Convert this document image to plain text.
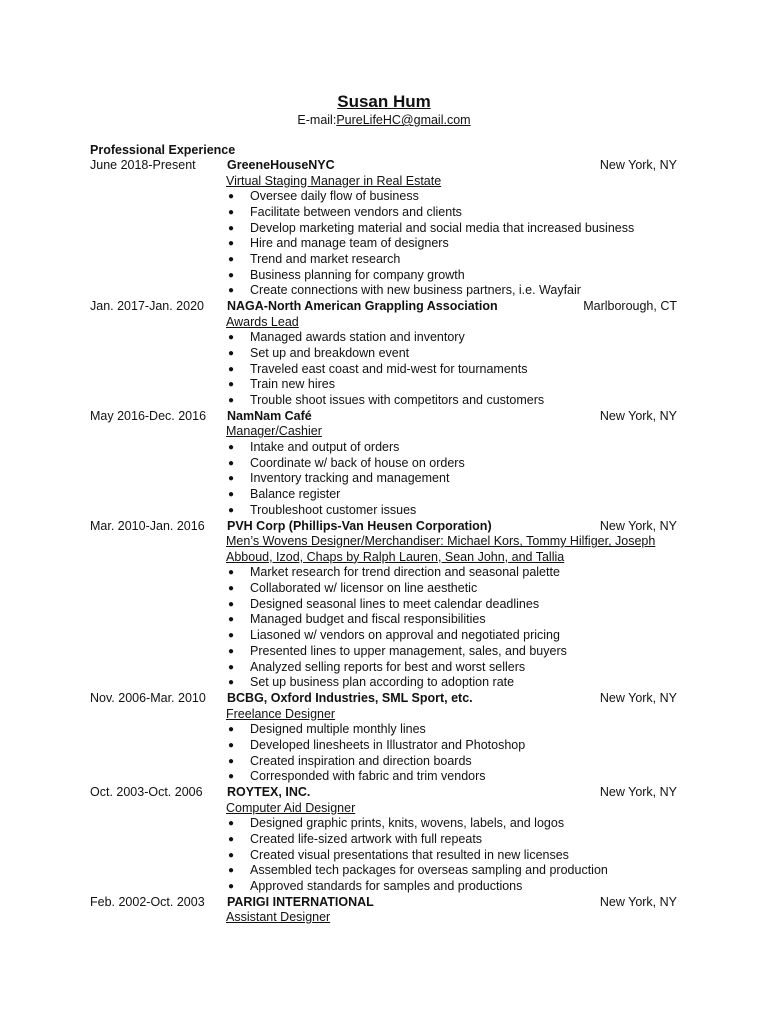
Susan Hum
E-mail:PureLifeHC@gmail.com
Professional Experience
June 2018-Present	GreeneHouseNYC	New York, NY
Virtual Staging Manager in Real Estate
● Oversee daily flow of business
● Facilitate between vendors and clients
● Develop marketing material and social media that increased business
● Hire and manage team of designers
● Trend and market research
● Business planning for company growth
● Create connections with new business partners, i.e. Wayfair
Jan. 2017-Jan. 2020 NAGA-North American Grappling Association	Marlborough, CT
Awards Lead
● Managed awards station and inventory
● Set up and breakdown event
● Traveled east coast and mid-west for tournaments
● Train new hires
● Trouble shoot issues with competitors and customers
May 2016-Dec. 2016 NamNam Café	New York, NY
Manager/Cashier
● Intake and output of orders
● Coordinate w/ back of house on orders
● Inventory tracking and management
● Balance register
● Troubleshoot customer issues
Mar. 2010-Jan. 2016 PVH Corp (Phillips-Van Heusen Corporation)	New York, NY
Men’s Wovens Designer/Merchandiser: Michael Kors, Tommy Hilfiger, Joseph Abboud, Izod, Chaps by Ralph Lauren, Sean John, and Tallia
● Market research for trend direction and seasonal palette
● Collaborated w/ licensor on line aesthetic
● Designed seasonal lines to meet calendar deadlines
● Managed budget and fiscal responsibilities
● Liasoned w/ vendors on approval and negotiated pricing
● Presented lines to upper management, sales, and buyers
● Analyzed selling reports for best and worst sellers
● Set up business plan according to adoption rate
Nov. 2006-Mar. 2010 BCBG, Oxford Industries, SML Sport, etc.	New York, NY
Freelance Designer
● Designed multiple monthly lines
● Developed linesheets in Illustrator and Photoshop
● Created inspiration and direction boards
● Corresponded with fabric and trim vendors
Oct. 2003-Oct. 2006 ROYTEX, INC.	New York, NY
Computer Aid Designer
● Designed graphic prints, knits, wovens, labels, and logos
● Created life-sized artwork with full repeats
● Created visual presentations that resulted in new licenses
● Assembled tech packages for overseas sampling and production
● Approved standards for samples and productions
Feb. 2002-Oct. 2003 PARIGI INTERNATIONAL	New York, NY
Assistant Designer
